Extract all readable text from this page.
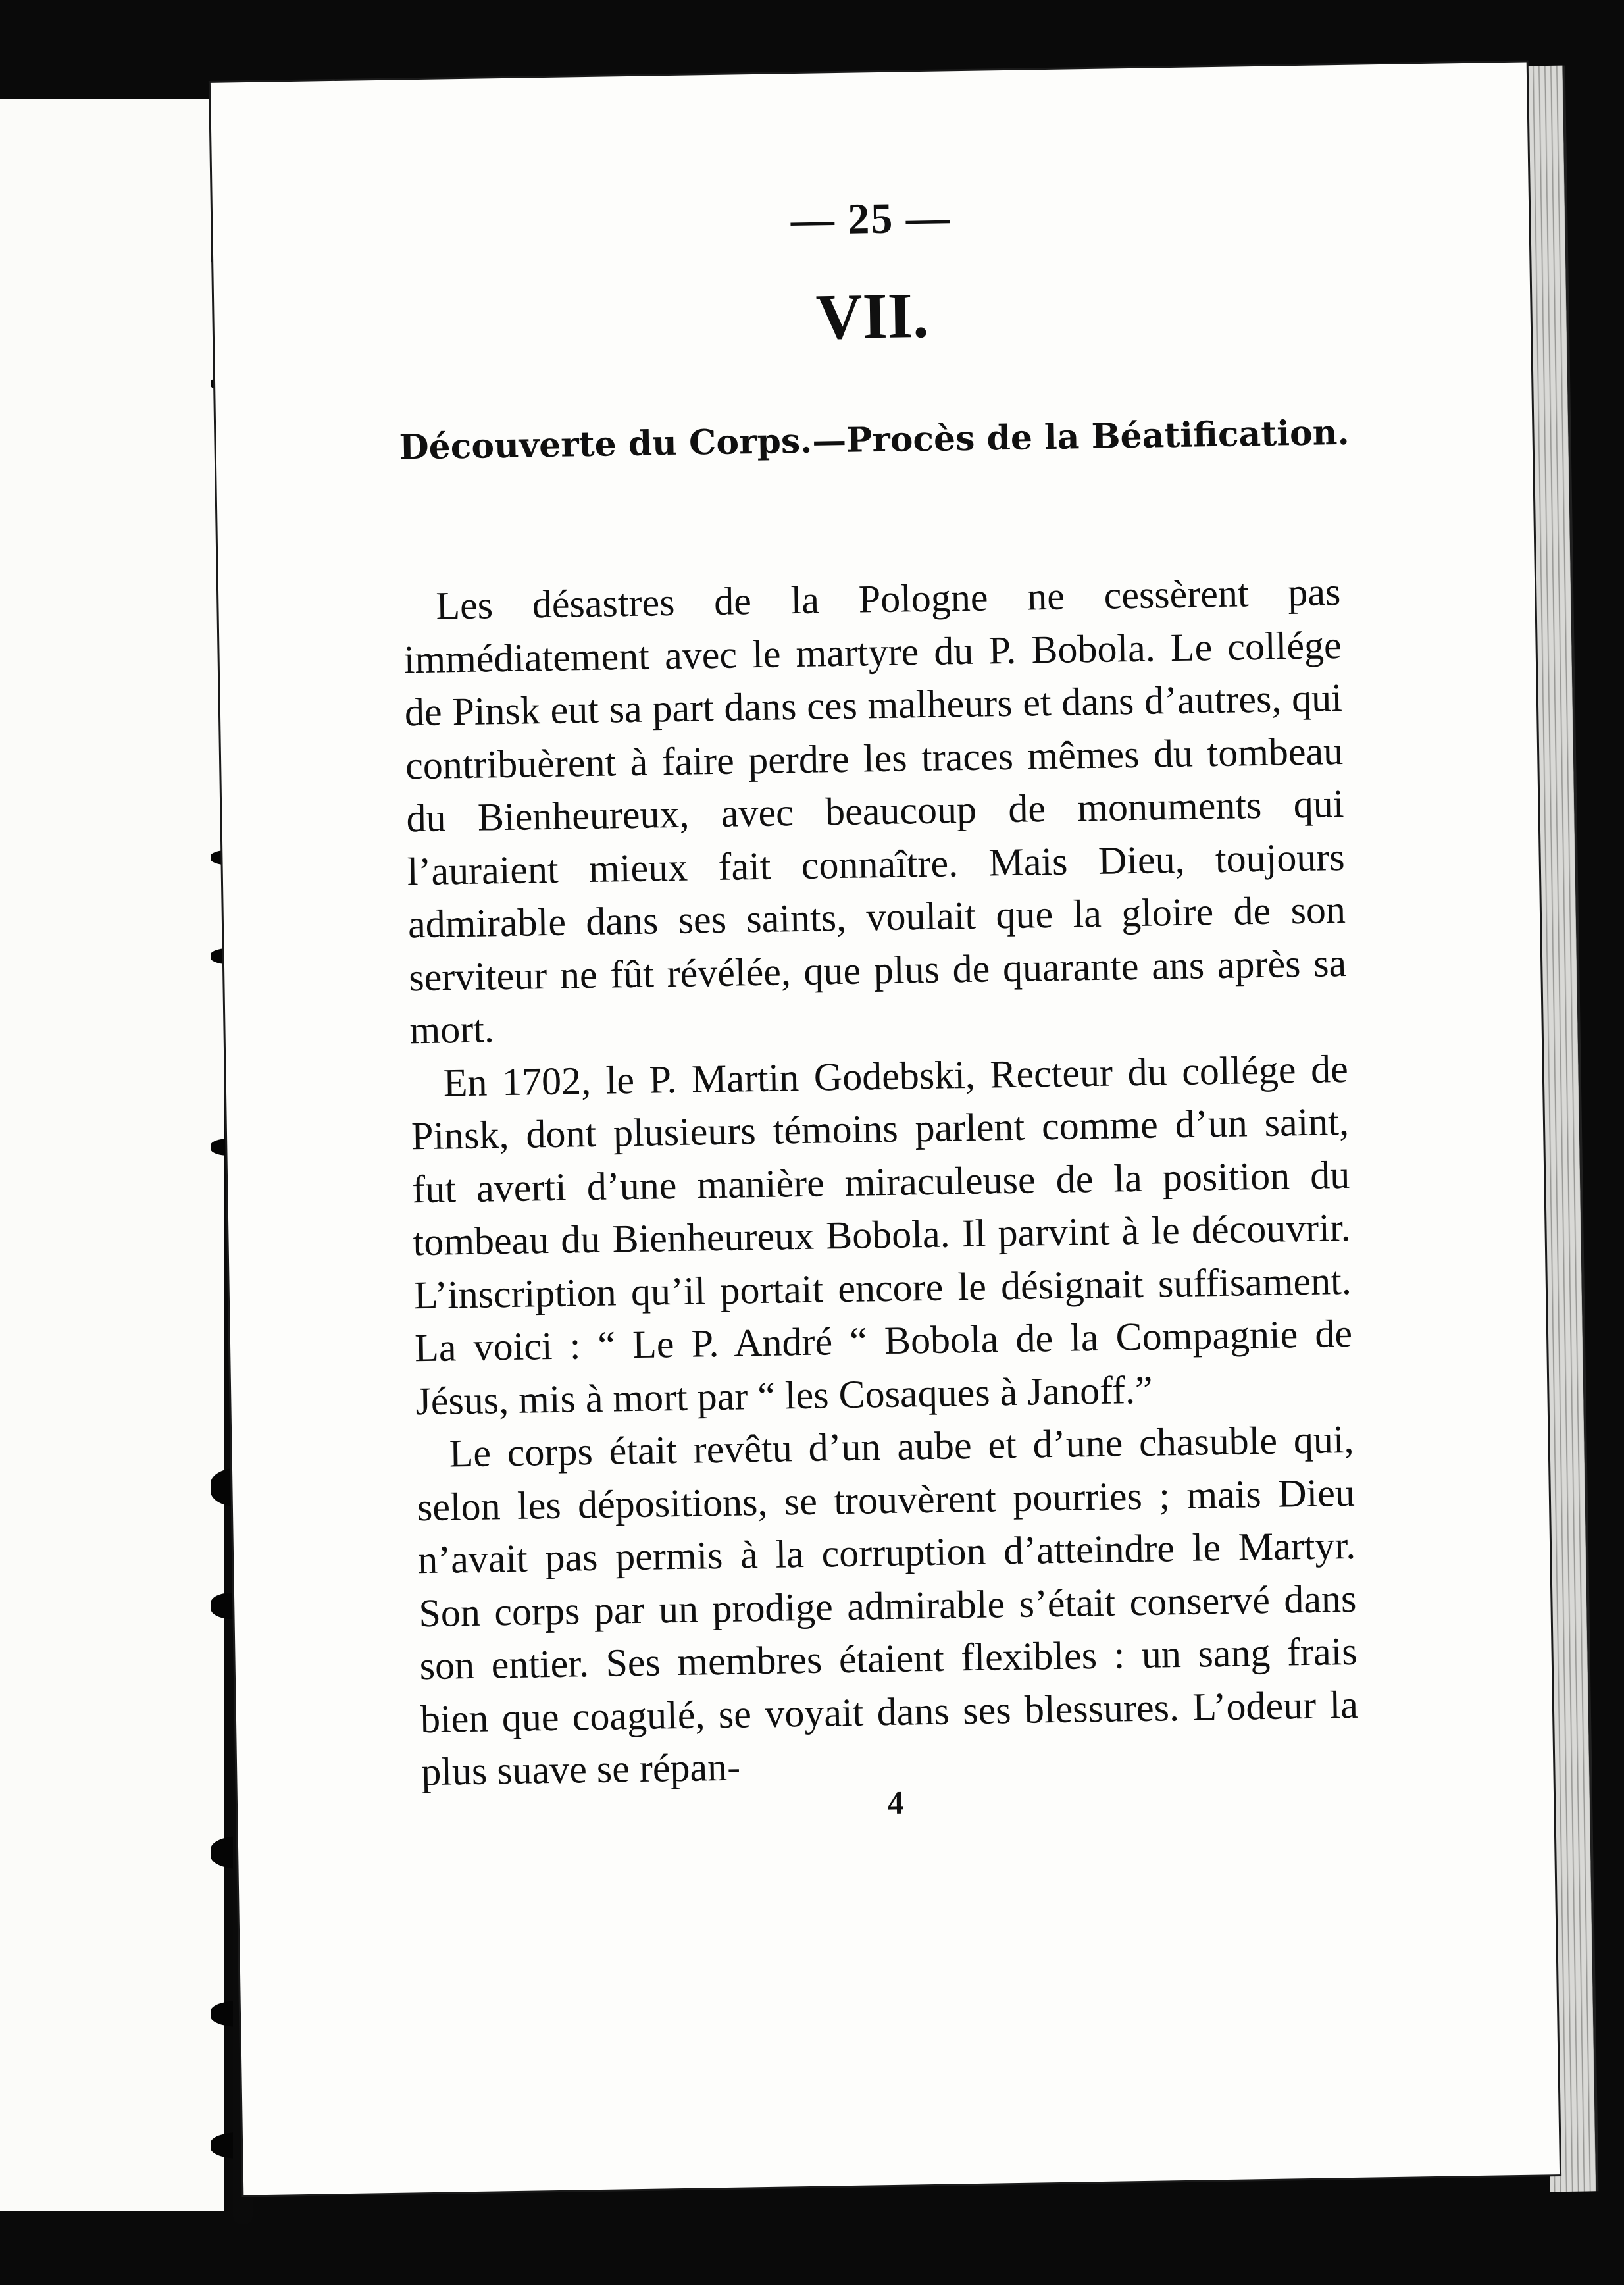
— 25 —
VII.
Découverte du Corps.—Procès de la Béatification.

Les désastres de la Pologne ne cessèrent pas immédiatement avec le martyre du P. Bobola. Le collége de Pinsk eut sa part dans ces malheurs et dans d’autres, qui contribuèrent à faire perdre les traces mêmes du tombeau du Bienheureux, avec beaucoup de monuments qui l’auraient mieux fait connaître. Mais Dieu, toujours admirable dans ses saints, voulait que la gloire de son serviteur ne fût révélée, que plus de quarante ans après sa mort.

En 1702, le P. Martin Godebski, Recteur du collége de Pinsk, dont plusieurs témoins parlent comme d’un saint, fut averti d’une manière miraculeuse de la position du tombeau du Bienheureux Bobola. Il parvint à le découvrir. L’inscription qu’il portait encore le désignait suffisament. La voici : “ Le P. André “ Bobola de la Compagnie de Jésus, mis à mort par “ les Cosaques à Janoff.”

Le corps était revêtu d’un aube et d’une chasuble qui, selon les dépositions, se trouvèrent pourries ; mais Dieu n’avait pas permis à la corruption d’atteindre le Martyr. Son corps par un prodige admirable s’était conservé dans son entier. Ses membres étaient flexibles : un sang frais bien que coagulé, se voyait dans ses blessures. L’odeur la plus suave se répan-

4
